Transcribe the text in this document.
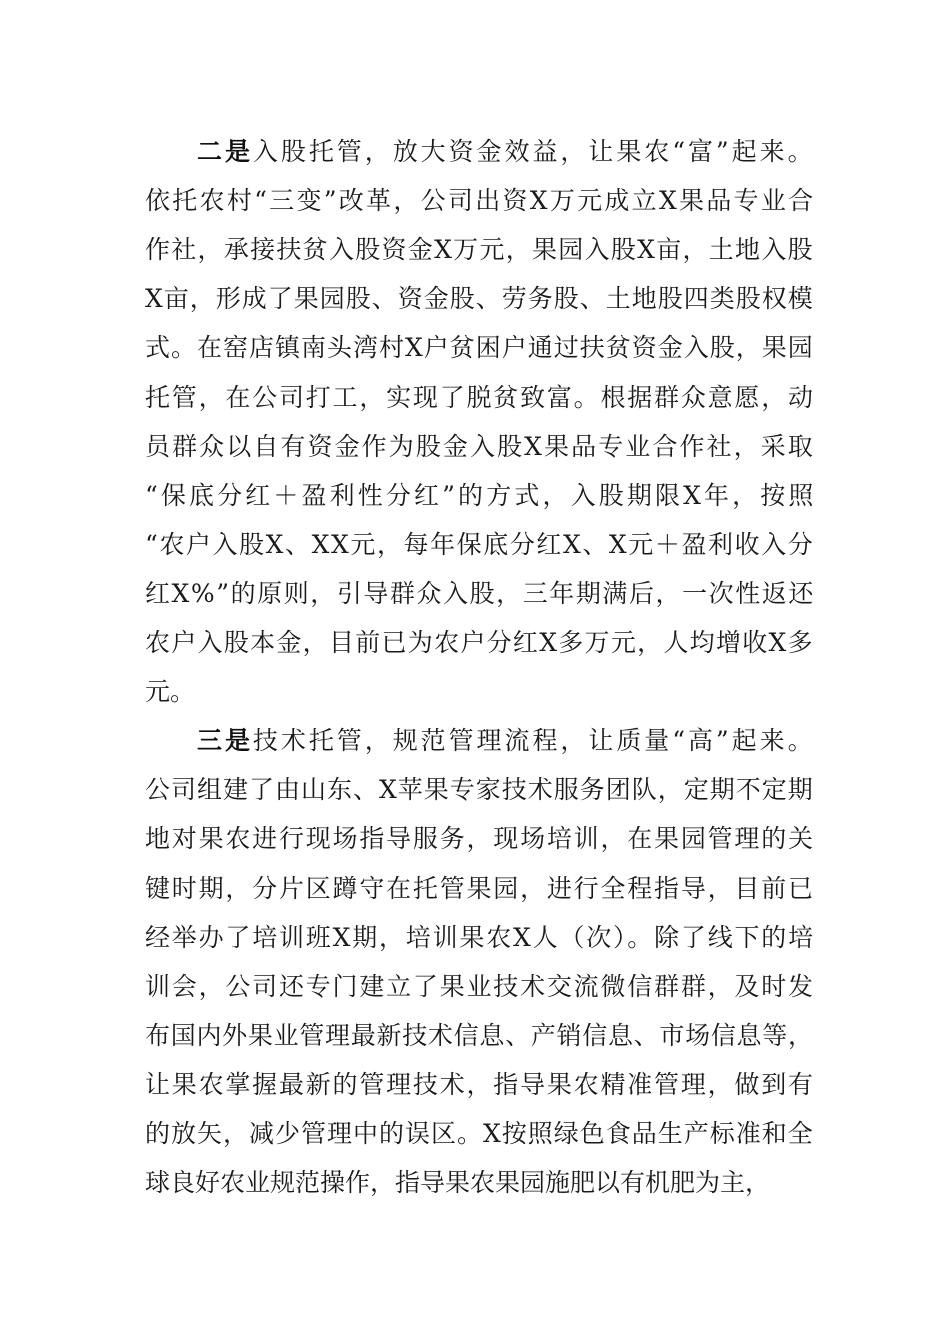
二是入股托管，放大资金效益，让果农“富”起来。
依托农村“三变”改革，公司出资Ⅹ万元成立Ⅹ果品专业合
作社，承接扶贫入股资金Ⅹ万元，果园入股Ⅹ亩，土地入股
Ⅹ亩，形成了果园股、资金股、劳务股、土地股四类股权模
式。在窑店镇南头湾村Ⅹ户贫困户通过扶贫资金入股，果园
托管，在公司打工，实现了脱贫致富。根据群众意愿，动
员群众以自有资金作为股金入股Ⅹ果品专业合作社，采取
“保底分红＋盈利性分红”的方式，入股期限Ⅹ年，按照
“农户入股Ⅹ、ⅩⅩ元，每年保底分红Ⅹ、Ⅹ元＋盈利收入分
红Ⅹ%”的原则，引导群众入股，三年期满后，一次性返还
农户入股本金，目前已为农户分红Ⅹ多万元，人均增收Ⅹ多
元。
三是技术托管，规范管理流程，让质量“高”起来。
公司组建了由山东、Ⅹ苹果专家技术服务团队，定期不定期
地对果农进行现场指导服务，现场培训，在果园管理的关
键时期，分片区蹲守在托管果园，进行全程指导，目前已
经举办了培训班Ⅹ期，培训果农Ⅹ人（次）。除了线下的培
训会，公司还专门建立了果业技术交流微信群群，及时发
布国内外果业管理最新技术信息、产销信息、市场信息等，
让果农掌握最新的管理技术，指导果农精准管理，做到有
的放矢，减少管理中的误区。Ⅹ按照绿色食品生产标准和全
球良好农业规范操作，指导果农果园施肥以有机肥为主，
